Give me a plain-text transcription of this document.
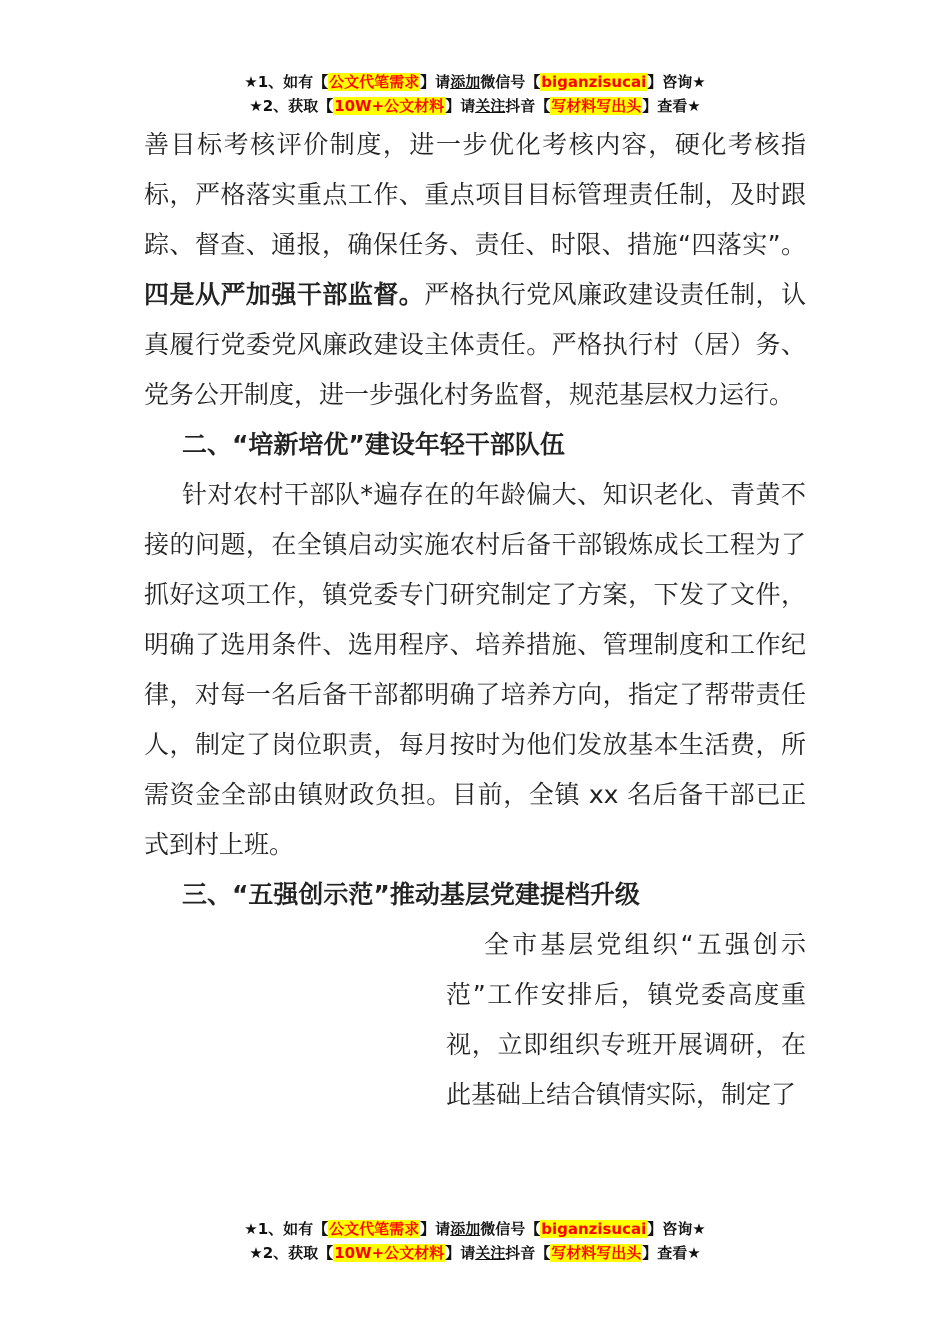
★1、如有【公文代笔需求】请添加微信号【biganzisucai】咨询★
★2、获取【10W+公文材料】请关注抖音【写材料写出头】查看★

善目标考核评价制度，进一步优化考核内容，硬化考核指标，严格落实重点工作、重点项目目标管理责任制，及时跟踪、督查、通报，确保任务、责任、时限、措施“四落实”。四是从严加强干部监督。严格执行党风廉政建设责任制，认真履行党委党风廉政建设主体责任。严格执行村（居）务、党务公开制度，进一步强化村务监督，规范基层权力运行。

二、“培新培优”建设年轻干部队伍

针对农村干部队*遍存在的年龄偏大、知识老化、青黄不接的问题，在全镇启动实施农村后备干部锻炼成长工程为了抓好这项工作，镇党委专门研究制定了方案，下发了文件，明确了选用条件、选用程序、培养措施、管理制度和工作纪律，对每一名后备干部都明确了培养方向，指定了帮带责任人，制定了岗位职责，每月按时为他们发放基本生活费，所需资金全部由镇财政负担。目前，全镇 xx 名后备干部已正式到村上班。

三、“五强创示范”推动基层党建提档升级

全市基层党组织“五强创示范”工作安排后，镇党委高度重视，立即组织专班开展调研，在此基础上结合镇情实际，制定了

★1、如有【公文代笔需求】请添加微信号【biganzisucai】咨询★
★2、获取【10W+公文材料】请关注抖音【写材料写出头】查看★
